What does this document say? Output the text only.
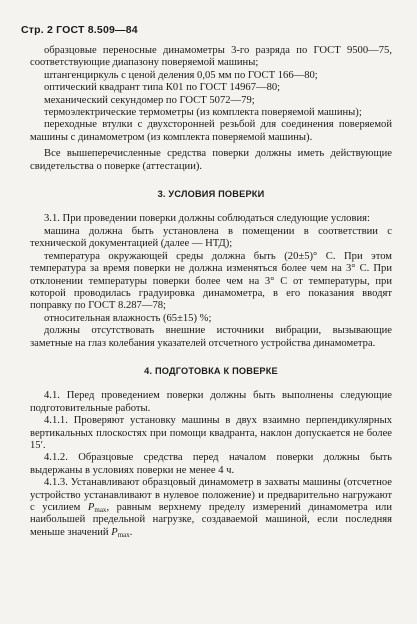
Стр. 2 ГОСТ 8.509—84

образцовые переносные динамометры 3-го разряда по ГОСТ 9500—75, соответствующие диапазону поверяемой машины;

штангенциркуль с ценой деления 0,05 мм по ГОСТ 166—80;

оптический квадрант типа К01 по ГОСТ 14967—80;

механический секундомер по ГОСТ 5072—79;

термоэлектрические термометры (из комплекта поверяемой машины);

переходные втулки с двухсторонней резьбой для соединения поверяемой машины с динамометром (из комплекта поверяемой машины).

Все вышеперечисленные средства поверки должны иметь действующие свидетельства о поверке (аттестации).

3. УСЛОВИЯ ПОВЕРКИ

3.1. При проведении поверки должны соблюдаться следующие условия:

машина должна быть установлена в помещении в соответствии с технической документацией (далее — НТД);

температура окружающей среды должна быть (20±5)° С. При этом температура за время поверки не должна изменяться более чем на 3° С. При отклонении температуры поверки более чем на 3° С от температуры, при которой проводилась градуировка динамометра, в его показания вводят поправку по ГОСТ 8.287—78;

относительная влажность (65±15) %;

должны отсутствовать внешние источники вибрации, вызывающие заметные на глаз колебания указателей отсчетного устройства динамометра.

4. ПОДГОТОВКА К ПОВЕРКЕ

4.1. Перед проведением поверки должны быть выполнены следующие подготовительные работы.

4.1.1. Проверяют установку машины в двух взаимно перпендикулярных вертикальных плоскостях при помощи квадранта, наклон допускается не более 15′.

4.1.2. Образцовые средства перед началом поверки должны быть выдержаны в условиях поверки не менее 4 ч.

4.1.3. Устанавливают образцовый динамометр в захваты машины (отсчетное устройство устанавливают в нулевое положение) и предварительно нагружают с усилием $P_{max}$, равным верхнему пределу измерений динамометра или наибольшей предельной нагрузке, создаваемой машиной, если последняя меньше значений $P_{max}$.
